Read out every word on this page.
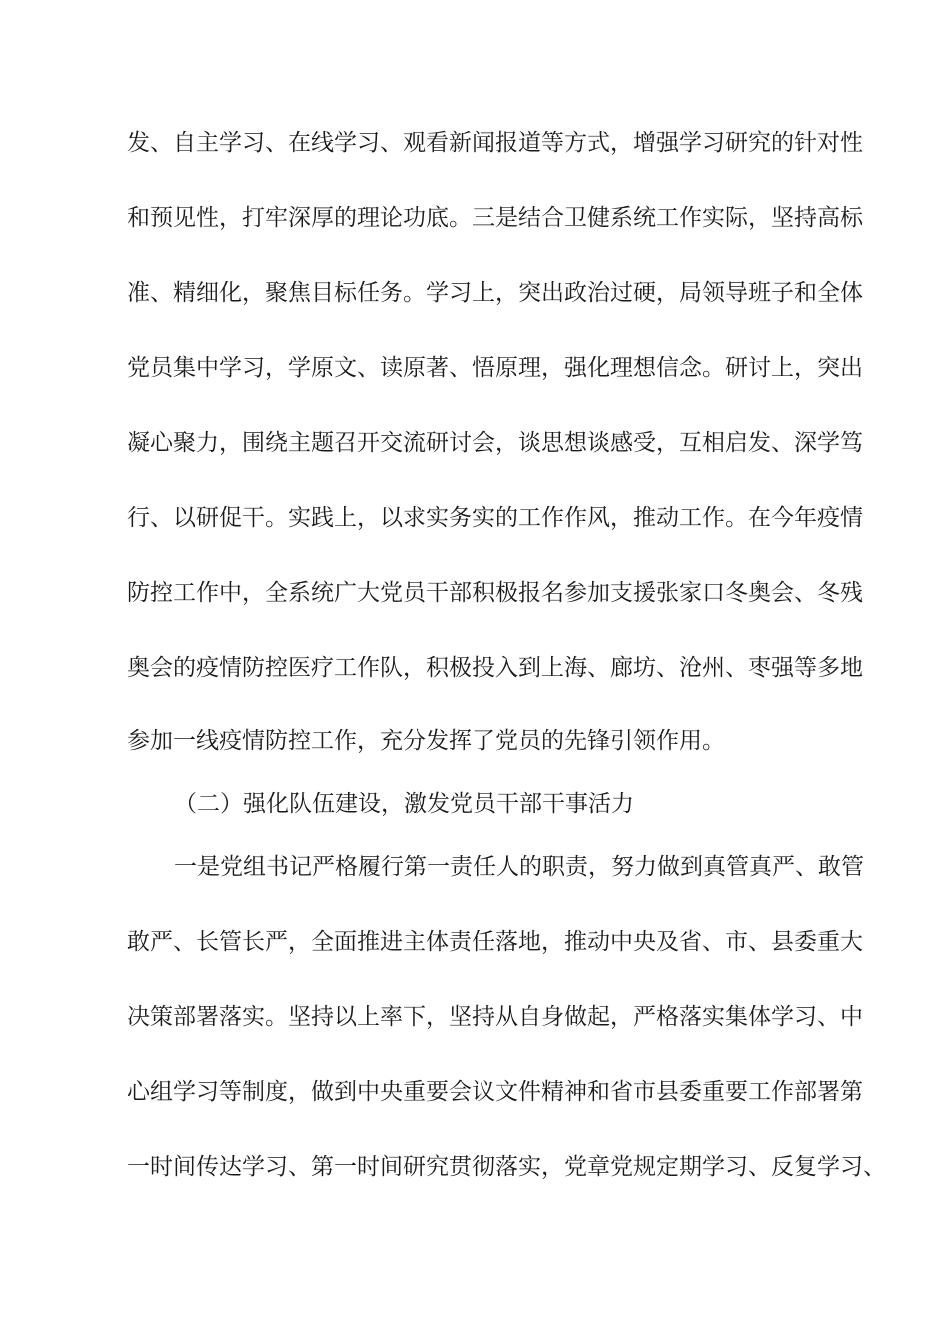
发、自主学习、在线学习、观看新闻报道等方式，增强学习研究的针对性
和预见性，打牢深厚的理论功底。三是结合卫健系统工作实际，坚持高标
准、精细化，聚焦目标任务。学习上，突出政治过硬，局领导班子和全体
党员集中学习，学原文、读原著、悟原理，强化理想信念。研讨上，突出
凝心聚力，围绕主题召开交流研讨会，谈思想谈感受，互相启发、深学笃
行、以研促干。实践上，以求实务实的工作作风，推动工作。在今年疫情
防控工作中，全系统广大党员干部积极报名参加支援张家口冬奥会、冬残
奥会的疫情防控医疗工作队，积极投入到上海、廊坊、沧州、枣强等多地
参加一线疫情防控工作，充分发挥了党员的先锋引领作用。
（二）强化队伍建设，激发党员干部干事活力
一是党组书记严格履行第一责任人的职责，努力做到真管真严、敢管
敢严、长管长严，全面推进主体责任落地，推动中央及省、市、县委重大
决策部署落实。坚持以上率下，坚持从自身做起，严格落实集体学习、中
心组学习等制度，做到中央重要会议文件精神和省市县委重要工作部署第
一时间传达学习、第一时间研究贯彻落实，党章党规定期学习、反复学习、
